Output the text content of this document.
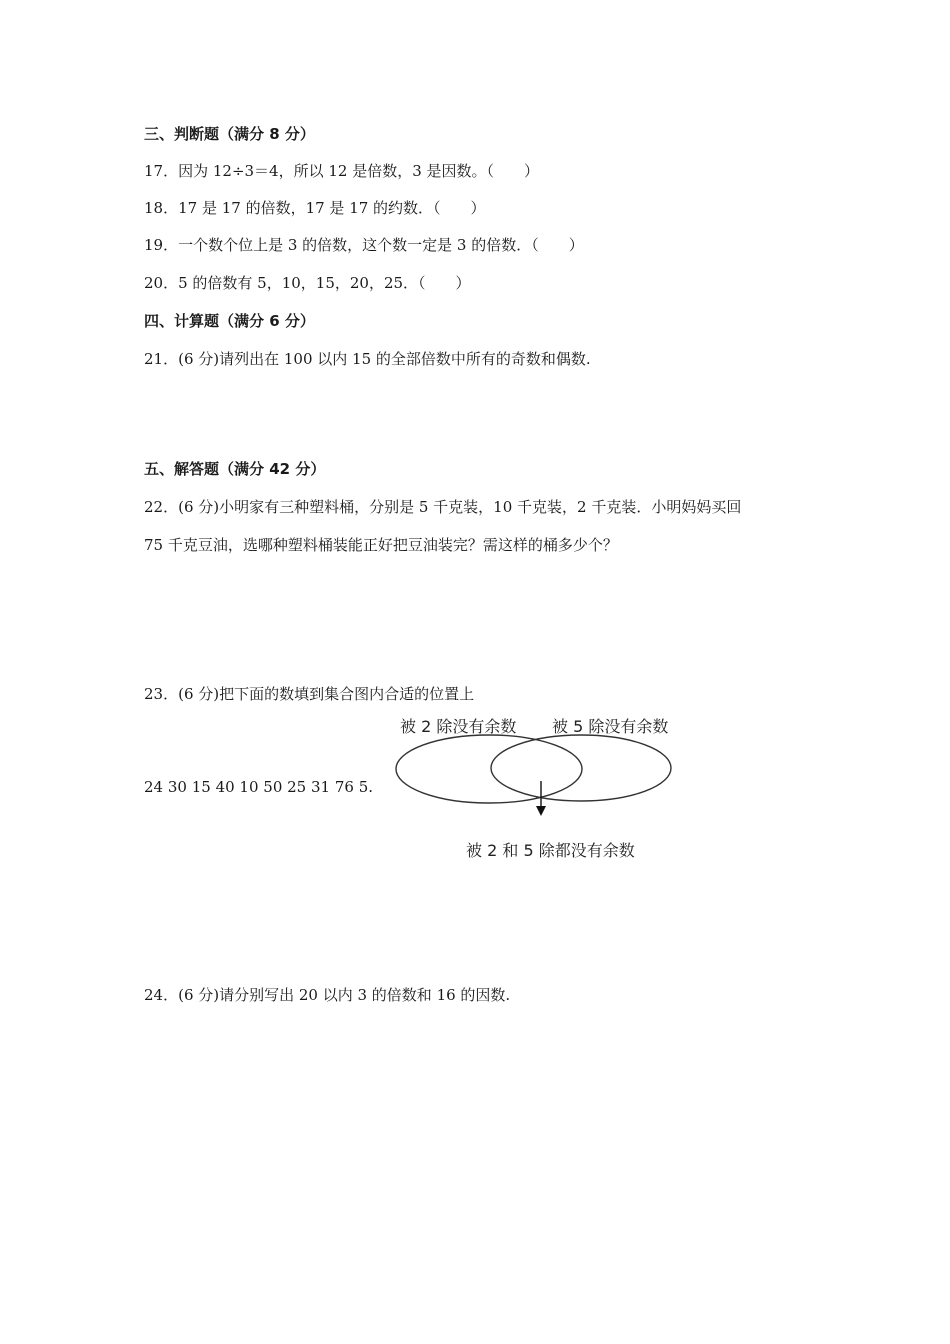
三、判断题（满分 8 分）
17．因为 12÷3＝4，所以 12 是倍数，3 是因数。（　　）
18．17 是 17 的倍数，17 是 17 的约数．（　　）
19．一个数个位上是 3 的倍数，这个数一定是 3 的倍数．（　　）
20．5 的倍数有 5，10，15，20，25．（　　）
四、计算题（满分 6 分）
21．(6 分)请列出在 100 以内 15 的全部倍数中所有的奇数和偶数.
五、解答题（满分 42 分）
22．(6 分)小明家有三种塑料桶，分别是 5 千克装，10 千克装，2 千克装．小明妈妈买回
75 千克豆油，选哪种塑料桶装能正好把豆油装完？需这样的桶多少个？
23．(6 分)把下面的数填到集合图内合适的位置上
24 30 15 40 10 50 25 31 76 5.
被 2 除没有余数 被 5 除没有余数
被 2 和 5 除都没有余数
24．(6 分)请分别写出 20 以内 3 的倍数和 16 的因数.
